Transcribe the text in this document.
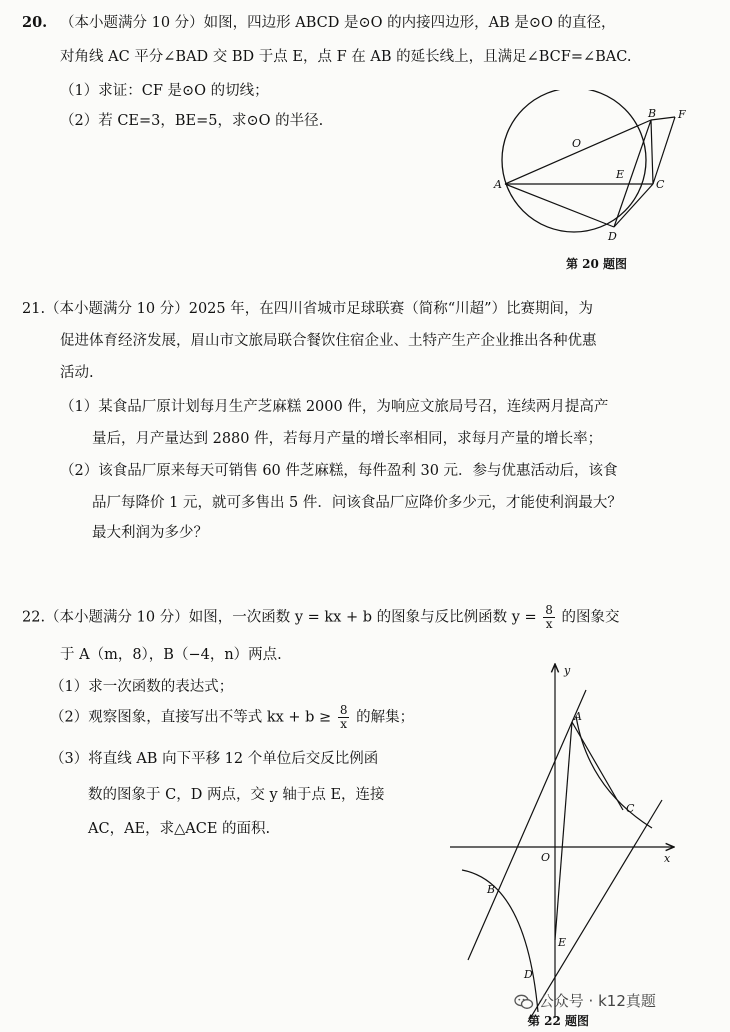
20. （本小题满分 10 分）如图，四边形 ABCD 是⊙O 的内接四边形，AB 是⊙O 的直径，
对角线 AC 平分∠BAD 交 BD 于点 E，点 F 在 AB 的延长线上，且满足∠BCF=∠BAC.
（1）求证：CF 是⊙O 的切线；
（2）若 CE=3，BE=5，求⊙O 的半径.
A
B
C
D
E
F
O
第 20 题图
21.（本小题满分 10 分）2025 年，在四川省城市足球联赛（简称“川超”）比赛期间，为
促进体育经济发展，眉山市文旅局联合餐饮住宿企业、土特产生产企业推出各种优惠
活动.
（1）某食品厂原计划每月生产芝麻糕 2000 件，为响应文旅局号召，连续两月提高产
量后，月产量达到 2880 件，若每月产量的增长率相同，求每月产量的增长率；
（2）该食品厂原来每天可销售 60 件芝麻糕，每件盈利 30 元．参与优惠活动后，该食
品厂每降价 1 元，就可多售出 5 件．问该食品厂应降价多少元，才能使利润最大？
最大利润为多少？
22.（本小题满分 10 分）如图，一次函数 y = kx + b 的图象与反比例函数 $y = \frac{8}{x}$ 的图象交
于 A（m，8），B（−4，n）两点.
（1）求一次函数的表达式；
（2）观察图象，直接写出不等式 kx + $b \ge \frac{8}{x}$ 的解集；
（3）将直线 AB 向下平移 12 个单位后交反比例函
数的图象于 C，D 两点，交 y 轴于点 E，连接
AC，AE，求△ACE 的面积.
A
B
C
D
E
O	x
y
第 22 题图
公众号 · k12真题
